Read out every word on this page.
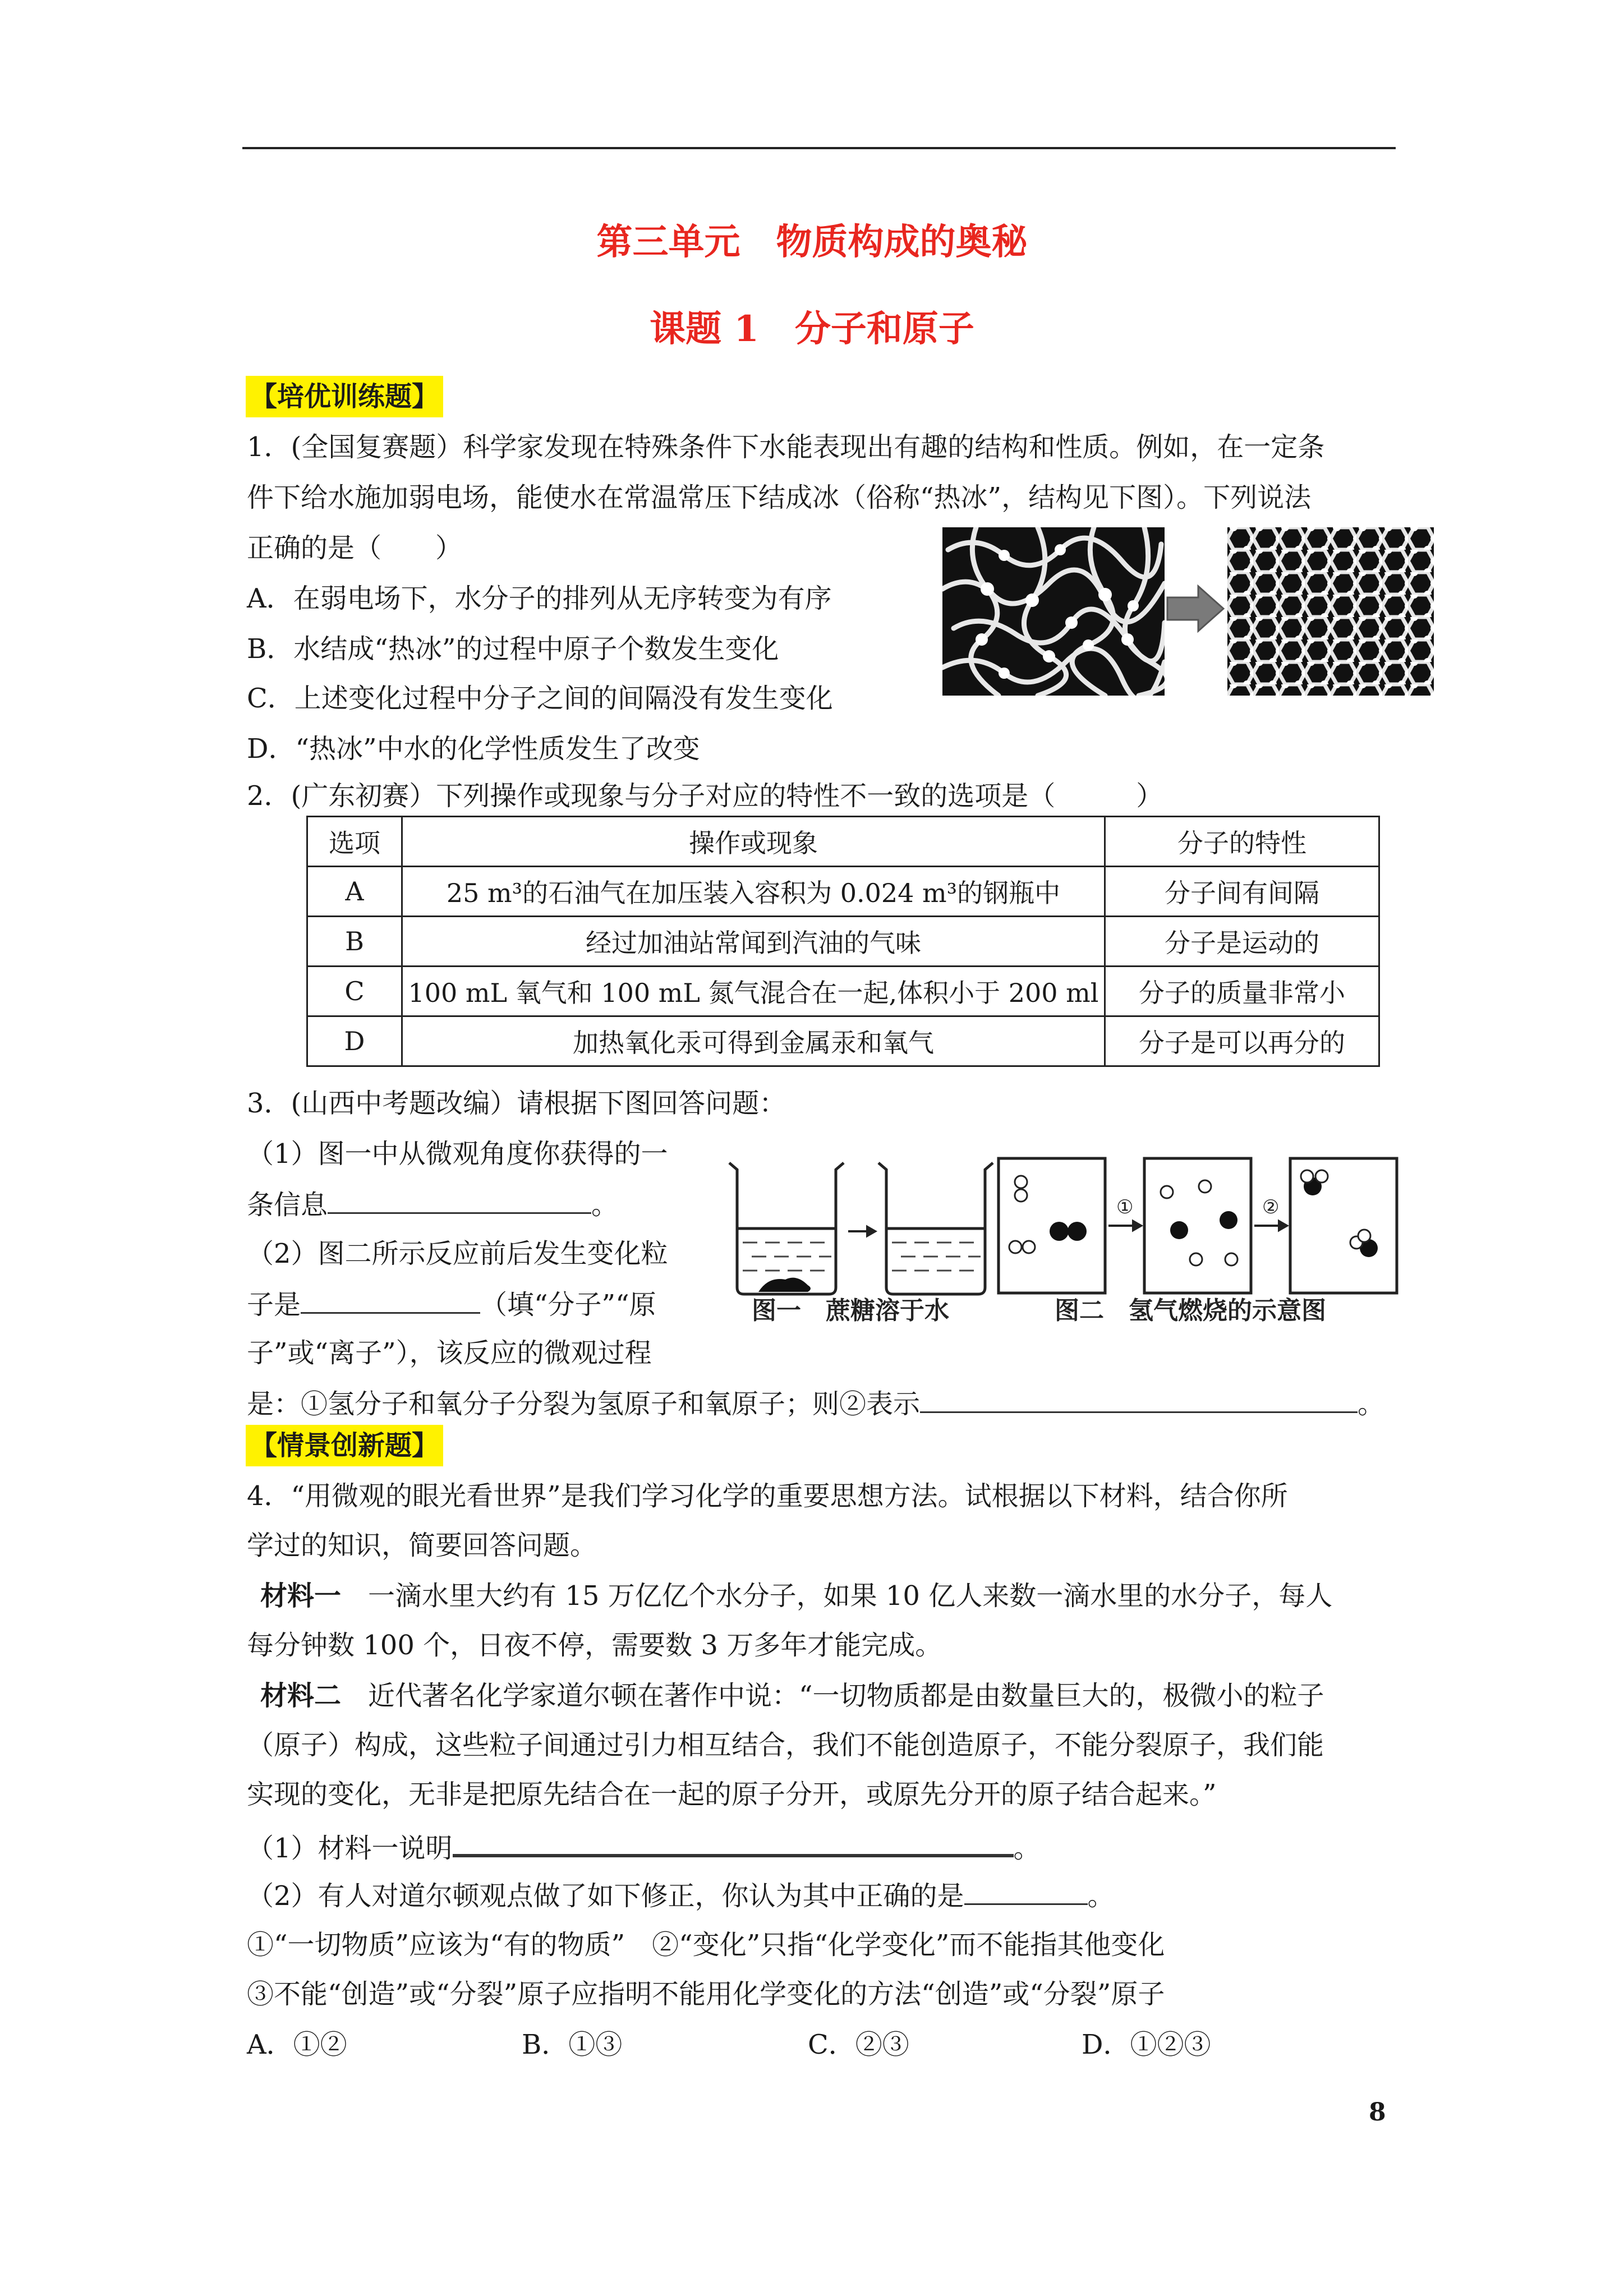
第三单元　物质构成的奥秘
课题 1　分子和原子
【培优训练题】
1．(全国复赛题）科学家发现在特殊条件下水能表现出有趣的结构和性质。例如，在一定条
件下给水施加弱电场，能使水在常温常压下结成冰（俗称“热冰”，结构见下图）。下列说法
正确的是（　　）
A．在弱电场下，水分子的排列从无序转变为有序
B．水结成“热冰”的过程中原子个数发生变化
C．上述变化过程中分子之间的间隔没有发生变化
D．“热冰”中水的化学性质发生了改变
2．(广东初赛）下列操作或现象与分子对应的特性不一致的选项是（　　　）
选项	操作或现象	分子的特性
A	25 m³的石油气在加压装入容积为 0.024 m³的钢瓶中	分子间有间隔
B	经过加油站常闻到汽油的气味	分子是运动的
C	100 mL 氧气和 100 mL 氮气混合在一起,体积小于 200 ml	分子的质量非常小
D	加热氧化汞可得到金属汞和氧气	分子是可以再分的
3．(山西中考题改编）请根据下图回答问题：
（1）图一中从微观角度你获得的一
条信息	。
（2）图二所示反应前后发生变化粒
子是	（填“分子”“原
子”或“离子”），该反应的微观过程
是：①氢分子和氧分子分裂为氢原子和氧原子；则②表示	。
①	②
图一　蔗糖溶于水	图二　氢气燃烧的示意图
【情景创新题】
4．“用微观的眼光看世界”是我们学习化学的重要思想方法。试根据以下材料，结合你所
学过的知识，简要回答问题。
材料一　一滴水里大约有 15 万亿亿个水分子，如果 10 亿人来数一滴水里的水分子，每人
每分钟数 100 个，日夜不停，需要数 3 万多年才能完成。
材料二　近代著名化学家道尔顿在著作中说：“一切物质都是由数量巨大的，极微小的粒子
（原子）构成，这些粒子间通过引力相互结合，我们不能创造原子，不能分裂原子，我们能
实现的变化，无非是把原先结合在一起的原子分开，或原先分开的原子结合起来。”
（1）材料一说明	。
（2）有人对道尔顿观点做了如下修正，你认为其中正确的是	。
①“一切物质”应该为“有的物质”　②“变化”只指“化学变化”而不能指其他变化
③不能“创造”或“分裂”原子应指明不能用化学变化的方法“创造”或“分裂”原子
A．①②	B．①③	C．②③	D．①②③
8
